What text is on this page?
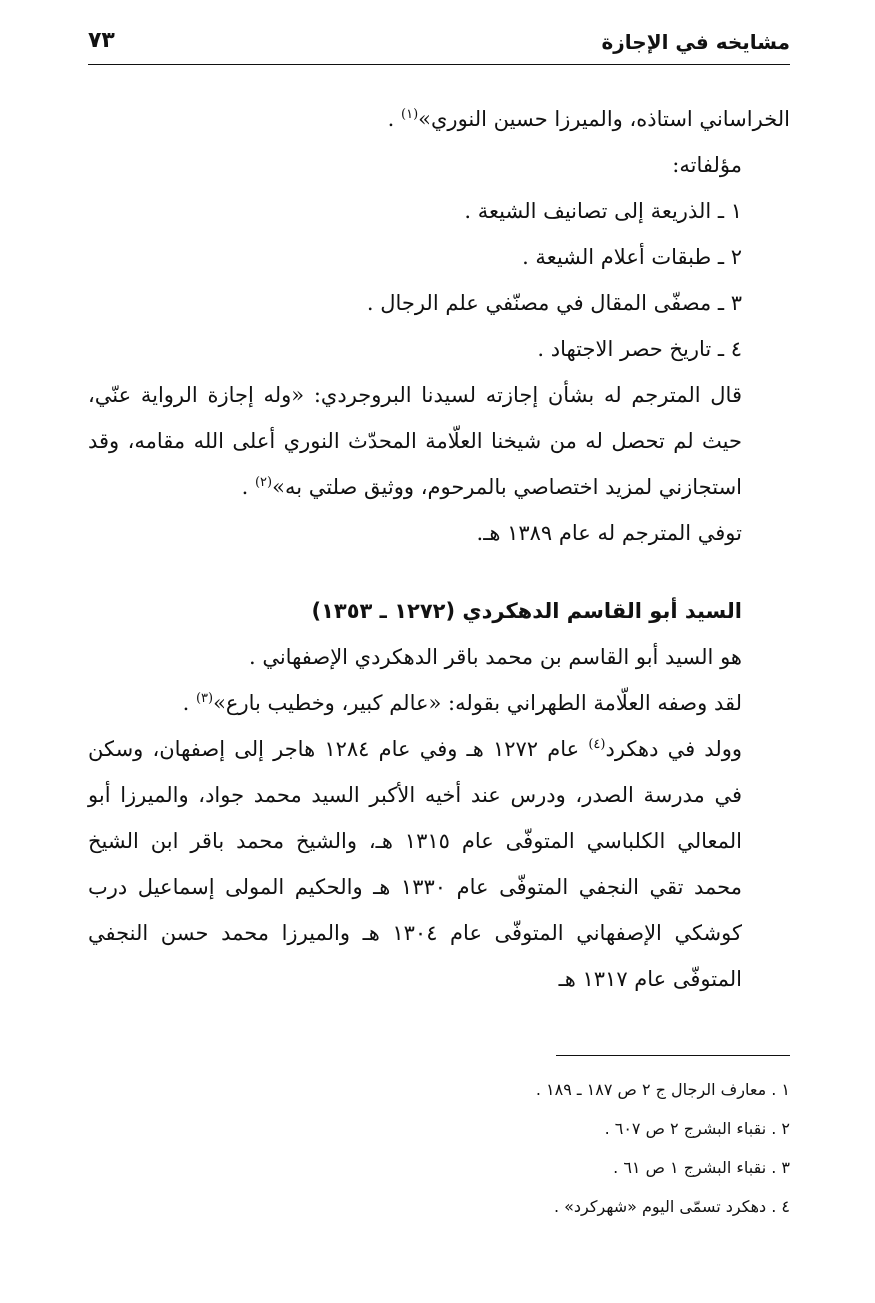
مشايخه في الإجازة
٧٣

الخراساني استاذه، والميرزا حسين النوري»$^{(١)}$ .

مؤلفاته:

١ ـ الذريعة إلى تصانيف الشيعة .

٢ ـ طبقات أعلام الشيعة .

٣ ـ مصفّى المقال في مصنّفي علم الرجال .

٤ ـ تاريخ حصر الاجتهاد .

قال المترجم له بشأن إجازته لسيدنا البروجردي: «وله إجازة الرواية عنّي، حيث لم تحصل له من شيخنا العلّامة المحدّث النوري أعلى الله مقامه، وقد استجازني لمزيد اختصاصي بالمرحوم، ووثيق صلتي به»$^{(٢)}$ .

توفي المترجم له عام ١٣٨٩ هـ.

السيد أبو القاسم الدهكردي (١٢٧٢ ـ ١٣٥٣)

هو السيد أبو القاسم بن محمد باقر الدهكردي الإصفهاني .

لقد وصفه العلّامة الطهراني بقوله: «عالم كبير، وخطيب بارع»$^{(٣)}$ .

وولد في دهكرد$^{(٤)}$ عام ١٢٧٢ هـ وفي عام ١٢٨٤ هاجر إلى إصفهان، وسكن في مدرسة الصدر، ودرس عند أخيه الأكبر السيد محمد جواد، والميرزا أبو المعالي الكلباسي المتوفّى عام ١٣١٥ هـ، والشيخ محمد باقر ابن الشيخ محمد تقي النجفي المتوفّى عام ١٣٣٠ هـ والحكيم المولى إسماعيل درب كوشكي الإصفهاني المتوفّى عام ١٣٠٤ هـ والميرزا محمد حسن النجفي المتوفّى عام ١٣١٧ هـ

١ . معارف الرجال ج ٢ ص ١٨٧ ـ ١٨٩ .

٢ . نقباء البشرج ٢ ص ٦٠٧ .

٣ . نقباء البشرج ١ ص ٦١ .

٤ . دهكرد تسمّى اليوم «شهركرد» .
